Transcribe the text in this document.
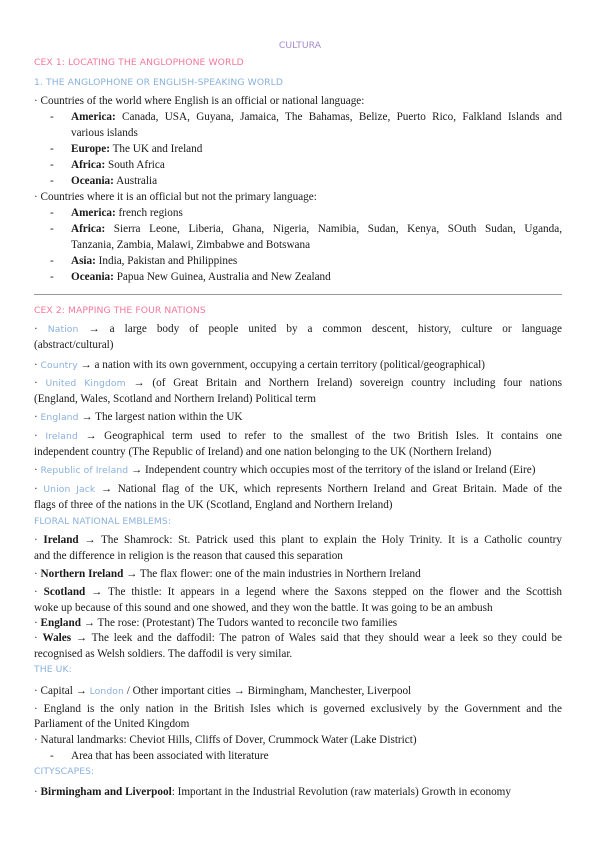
CULTURA
CEX 1: LOCATING THE ANGLOPHONE WORLD
1. THE ANGLOPHONE OR ENGLISH-SPEAKING WORLD
· Countries of the world where English is an official or national language:
- America: Canada, USA, Guyana, Jamaica, The Bahamas, Belize, Puerto Rico, Falkland Islands and
various islands
- Europe: The UK and Ireland
- Africa: South Africa
- Oceania: Australia
· Countries where it is an official but not the primary language:
- America: french regions
- Africa: Sierra Leone, Liberia, Ghana, Nigeria, Namibia, Sudan, Kenya, SOuth Sudan, Uganda,
Tanzania, Zambia, Malawi, Zimbabwe and Botswana
- Asia: India, Pakistan and Philippines
- Oceania: Papua New Guinea, Australia and New Zealand
CEX 2: MAPPING THE FOUR NATIONS
· Nation → a large body of people united by a common descent, history, culture or language
(abstract/cultural)
· Country → a nation with its own government, occupying a certain territory (political/geographical)
· United Kingdom → (of Great Britain and Northern Ireland) sovereign country including four nations
(England, Wales, Scotland and Northern Ireland) Political term
· England → The largest nation within the UK
· Ireland → Geographical term used to refer to the smallest of the two British Isles. It contains one
independent country (The Republic of Ireland) and one nation belonging to the UK (Northern Ireland)
· Republic of Ireland → Independent country which occupies most of the territory of the island or Ireland (Eire)
· Union Jack → National flag of the UK, which represents Northern Ireland and Great Britain. Made of the
flags of three of the nations in the UK (Scotland, England and Northern Ireland)
FLORAL NATIONAL EMBLEMS:
· Ireland → The Shamrock: St. Patrick used this plant to explain the Holy Trinity. It is a Catholic country
and the difference in religion is the reason that caused this separation
· Northern Ireland → The flax flower: one of the main industries in Northern Ireland
· Scotland → The thistle: It appears in a legend where the Saxons stepped on the flower and the Scottish
woke up because of this sound and one showed, and they won the battle. It was going to be an ambush
· England → The rose: (Protestant) The Tudors wanted to reconcile two families
· Wales → The leek and the daffodil: The patron of Wales said that they should wear a leek so they could be
recognised as Welsh soldiers. The daffodil is very similar.
THE UK:
· Capital → London / Other important cities → Birmingham, Manchester, Liverpool
· England is the only nation in the British Isles which is governed exclusively by the Government and the
Parliament of the United Kingdom
· Natural landmarks: Cheviot Hills, Cliffs of Dover, Crummock Water (Lake District)
- Area that has been associated with literature
CITYSCAPES:
· Birmingham and Liverpool: Important in the Industrial Revolution (raw materials) Growth in economy
